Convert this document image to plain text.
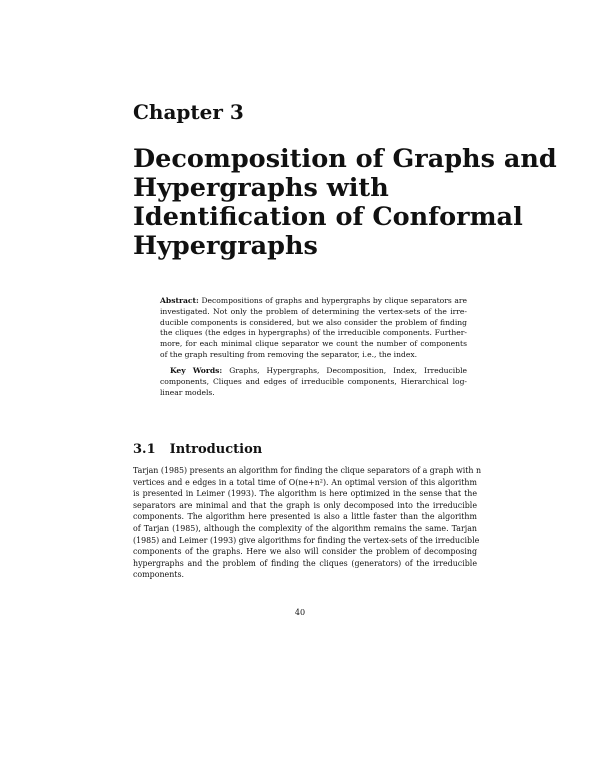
Chapter 3
Decomposition of Graphs and
Hypergraphs with
Identification of Conformal
Hypergraphs
Abstract: Decompositions of graphs and hypergraphs by clique separators are
investigated. Not only the problem of determining the vertex-sets of the irre-
ducible components is considered, but we also consider the problem of finding
the cliques (the edges in hypergraphs) of the irreducible components. Further-
more, for each minimal clique separator we count the number of components
of the graph resulting from removing the separator, i.e., the index.
Key Words: Graphs, Hypergraphs, Decomposition, Index, Irreducible
components, Cliques and edges of irreducible components, Hierarchical log-
linear models.
3.1 Introduction
Tarjan (1985) presents an algorithm for finding the clique separators of a graph with n
vertices and e edges in a total time of O(ne+n²). An optimal version of this algorithm
is presented in Leimer (1993). The algorithm is here optimized in the sense that the
separators are minimal and that the graph is only decomposed into the irreducible
components. The algorithm here presented is also a little faster than the algorithm
of Tarjan (1985), although the complexity of the algorithm remains the same. Tarjan
(1985) and Leimer (1993) give algorithms for finding the vertex-sets of the irreducible
components of the graphs. Here we also will consider the problem of decomposing
hypergraphs and the problem of finding the cliques (generators) of the irreducible
components.
40
